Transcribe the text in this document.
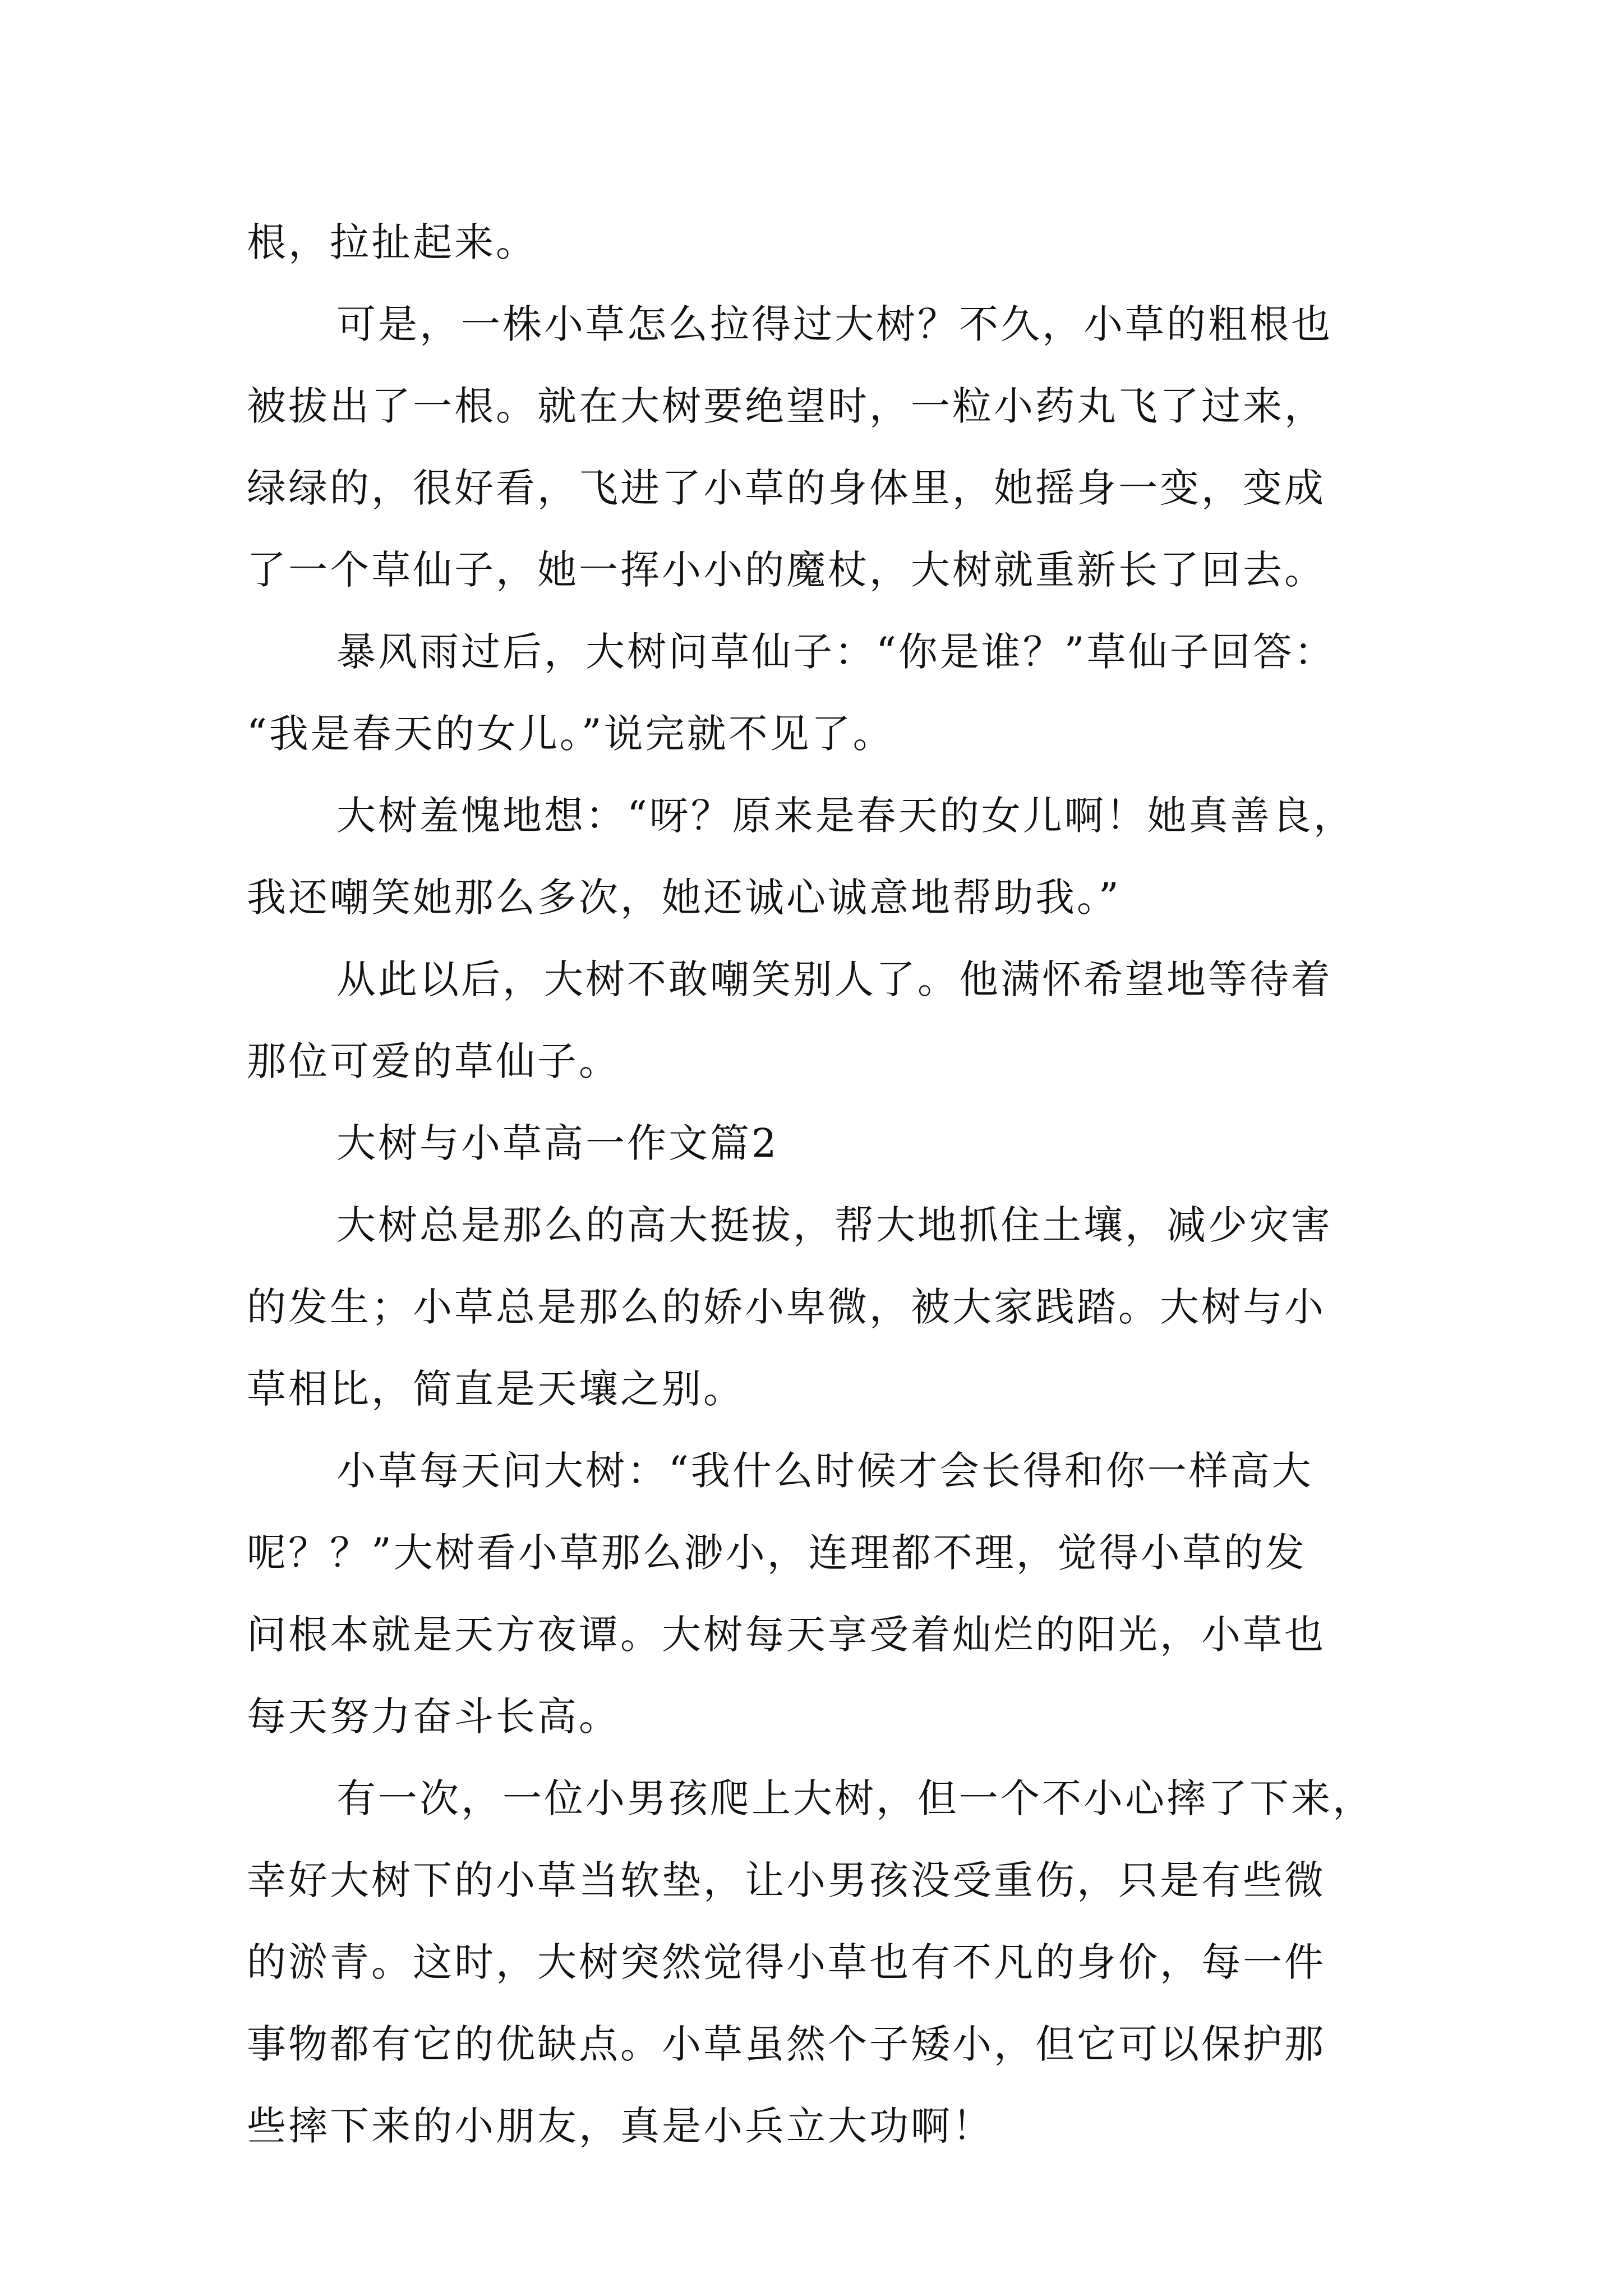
根，拉扯起来。
可是，一株小草怎么拉得过大树？不久，小草的粗根也
被拔出了一根。就在大树要绝望时，一粒小药丸飞了过来，
绿绿的，很好看，飞进了小草的身体里，她摇身一变，变成
了一个草仙子，她一挥小小的魔杖，大树就重新长了回去。
暴风雨过后，大树问草仙子：“你是谁？”草仙子回答：
“我是春天的女儿。”说完就不见了。
大树羞愧地想：“呀？原来是春天的女儿啊！她真善良，
我还嘲笑她那么多次，她还诚心诚意地帮助我。”
从此以后，大树不敢嘲笑别人了。他满怀希望地等待着
那位可爱的草仙子。
大树与小草高一作文篇2
大树总是那么的高大挺拔，帮大地抓住土壤，减少灾害
的发生；小草总是那么的娇小卑微，被大家践踏。大树与小
草相比，简直是天壤之别。
小草每天问大树：“我什么时候才会长得和你一样高大
呢？？”大树看小草那么渺小，连理都不理，觉得小草的发
问根本就是天方夜谭。大树每天享受着灿烂的阳光，小草也
每天努力奋斗长高。
有一次，一位小男孩爬上大树，但一个不小心摔了下来，
幸好大树下的小草当软垫，让小男孩没受重伤，只是有些微
的淤青。这时，大树突然觉得小草也有不凡的身价，每一件
事物都有它的优缺点。小草虽然个子矮小，但它可以保护那
些摔下来的小朋友，真是小兵立大功啊！
